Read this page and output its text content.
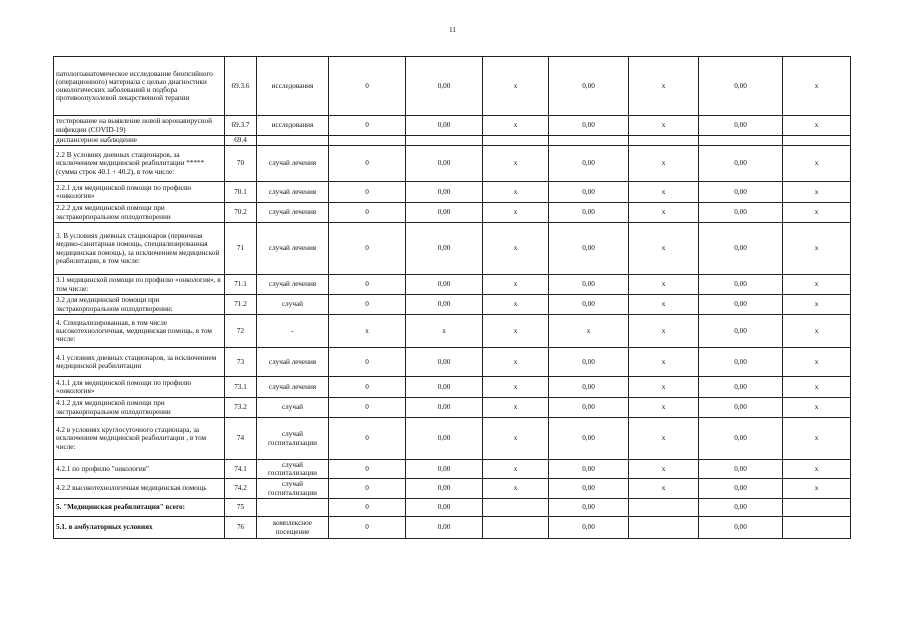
11
патологоанатомическое исследование биопсийного (операционного) материала с целью диагностики онкологических заболеваний и подбора противоопухолевой лекарственной терапии	69.3.6	исследования	0	0,00	х	0,00	х	0,00	х
тестирование на выявление новой коронавирусной инфекции (COVID-19)	69.3.7	исследования	0	0,00	х	0,00	х	0,00	х
диспансерное наблюдение	69.4								
2.2 В условиях дневных стационаров, за исключением медицинской реабилитации ***** (сумма строк 40.1 + 40.2), в том числе:	70	случай лечения	0	0,00	х	0,00	х	0,00	х
2.2.1 для медицинской помощи по профилю «онкология»	70.1	случай лечения	0	0,00	х	0,00	х	0,00	х
2.2.2 для медицинской помощи при экстракорпоральном оплодотворении	70.2	случай лечения	0	0,00	х	0,00	х	0,00	х
3. В условиях дневных стационаров (первичная медико-санитарная помощь, специализированная медицинская помощь), за исключением медицинской реабилитации, в том числе:	71	случай лечения	0	0,00	х	0,00	х	0,00	х
3.1 медицинской помощи по профилю «онкология», в том числе:	71.1	случай лечения	0	0,00	х	0,00	х	0,00	х
3.2 для медицинской помощи при экстракорпоральном оплодотворении:	71.2	случай	0	0,00	х	0,00	х	0,00	х
4. Специализированная, в том числе высокотехнологичная, медицинская помощь, в том числе:	72	-	х	х	х	х	х	0,00	х
4.1 условиях дневных стационаров, за исключением медицинской реабилитации	73	случай лечения	0	0,00	х	0,00	х	0,00	х
4.1.1 для медицинской помощи по профилю «онкология»	73.1	случай лечения	0	0,00	х	0,00	х	0,00	х
4.1.2 для медицинской помощи при экстракорпоральном оплодотворении	73.2	случай	0	0,00	х	0,00	х	0,00	х
4.2 в условиях круглосуточного стационара, за исключением медицинской реабилитации , в том числе:	74	случай госпитализации	0	0,00	х	0,00	х	0,00	х
4.2.1 по профилю "онкология"	74.1	случай госпитализации	0	0,00	х	0,00	х	0,00	х
4.2.2 высокотехнологичная медицинская помощь	74.2	случай госпитализации	0	0,00	х	0,00	х	0,00	х
5. "Медицинская реабилитация" всего:	75		0	0,00		0,00		0,00	
5.1. в амбулаторных условиях	76	комплексное посещение	0	0,00		0,00		0,00	
